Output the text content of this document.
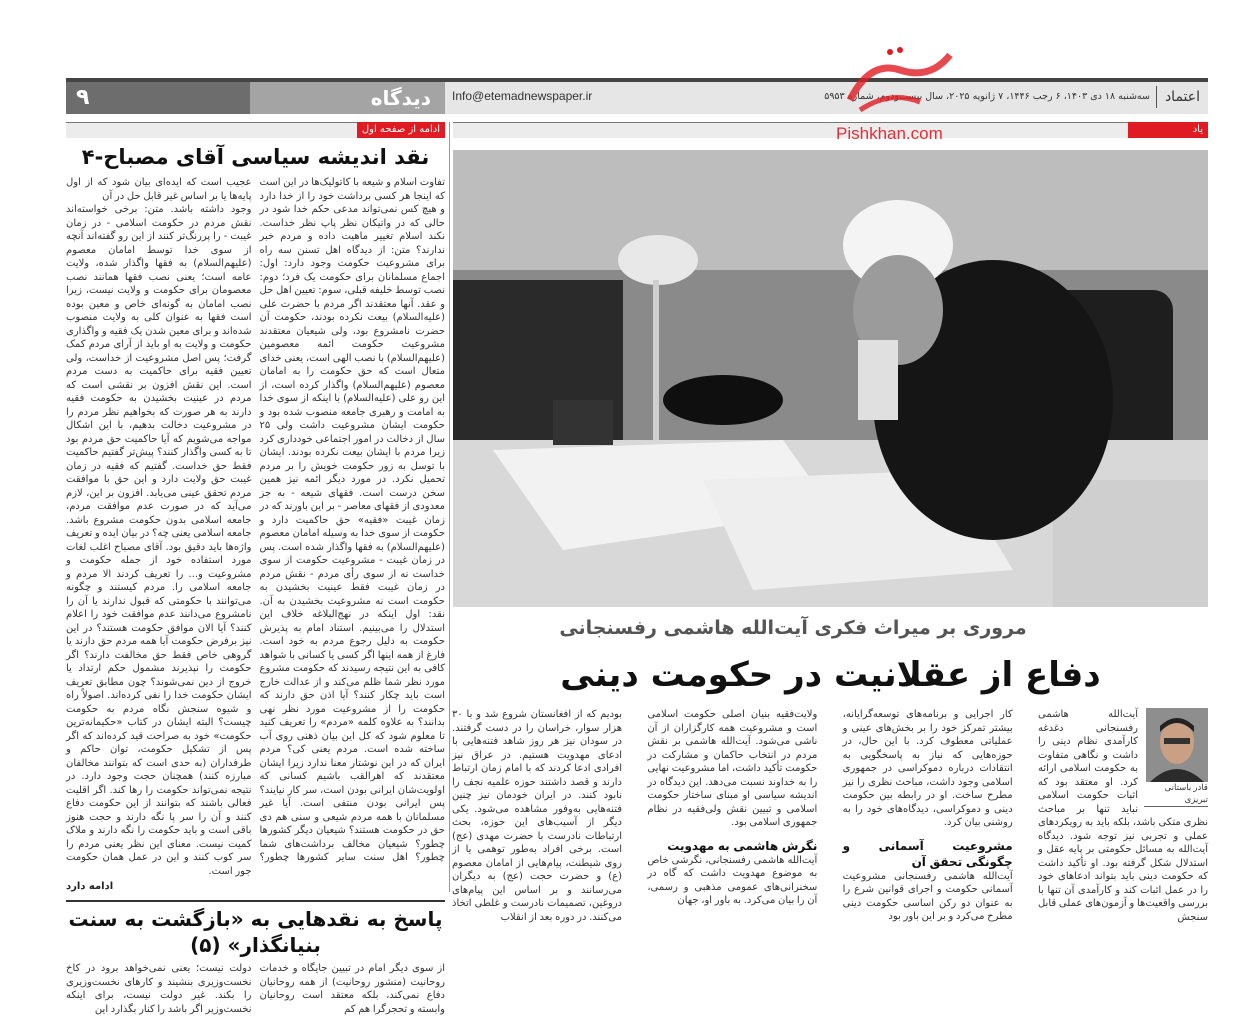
۹	دیدگاه	Info@etemadnewspaper.ir	سه‌شنبه ۱۸ دی ۱۴۰۳، ۶ رجب ۱۴۴۶، ۷ ژانویه ۲۰۲۵، سال بیست‌ودوم، شماره ۵۹۵۳	اعتماد
ادامه از صفحه اول	یاد
نقد اندیشه سیاسی آقای مصباح-۴
تفاوت اسلام و شیعه با کاتولیک‌ها در این است که اینجا هر کسی برداشت خود را از خدا دارد و هیچ کس نمی‌تواند مدعی حکم خدا شود در حالی که در واتیکان نظر پاپ نظر خداست. نکند اسلام تغییر ماهیت داده و مردم خبر ندارند؟ متن: از دیدگاه اهل تسنن سه راه برای مشروعیت حکومت وجود دارد: اول: اجماع مسلمانان برای حکومت یک فرد؛ دوم: نصب توسط خلیفه قبلی، سوم: تعیین اهل حل و عقد. آنها معتقدند اگر مردم با حضرت علی (علیه‌السلام) بیعت نکرده بودند، حکومت آن حضرت نامشروع بود، ولی شیعیان معتقدند مشروعیت حکومت ائمه معصومین (علیهم‌السلام) با نصب الهی است، یعنی خدای متعال است که حق حکومت را به امامان معصوم (علیهم‌السلام) واگذار کرده است، از این رو علی (علیه‌السلام) با اینکه از سوی خدا به امامت و رهبری جامعه منصوب شده بود و حکومت ایشان مشروعیت داشت ولی ۲۵ سال از دخالت در امور اجتماعی خودداری کرد زیرا مردم با ایشان بیعت نکرده بودند. ایشان با توسل به زور حکومت خویش را بر مردم تحمیل نکرد. در مورد دیگر ائمه نیز همین سخن درست است. فقهای شیعه - به جز معدودی از فقهای معاصر - بر این باورند که در زمان غیبت «فقیه» حق حاکمیت دارد و حکومت از سوی خدا به وسیله امامان معصوم (علیهم‌السلام) به فقها واگذار شده است. پس در زمان غیبت - مشروعیت حکومت از سوی خداست نه از سوی رأی مردم - نقش مردم در زمان غیبت فقط عینیت بخشیدن به حکومت است نه مشروعیت بخشیدن به آن. نقد: اول اینکه در نهج‌البلاغه خلاف این استدلال را می‌بینیم. استناد امام به پذیرش حکومت به دلیل رجوع مردم به خود است. فارغ از همه اینها اگر کسی یا کسانی با شواهد کافی به این نتیجه رسیدند که حکومت مشروع مورد نظر شما ظلم می‌کند و از عدالت خارج است باید چکار کنند؟ آیا اذن حق دارند که حکومت را از مشروعیت مورد نظر نهی بدانند؟ به علاوه کلمه «مردم» را تعریف کنید تا معلوم شود که کل این بیان ذهنی روی آب ساخته شده است. مردم یعنی کی؟ مردم ایران که در این نوشتار معنا ندارد زیرا ایشان معتقدند که اهرالقب باشیم کسانی که اولویت‌شان ایرانی بودن است، سر کار نیایند؟ پس ایرانی بودن منتفی است. آیا غیر مسلمانان با همه مردم شیعی و سنی هم دی حق در حکومت هستند؟ شیعیان دیگر کشورها چطور؟ شیعیان مخالف برداشت‌های شما چطور؟ اهل سنت سایر کشورها چطور؟ عجیب است که ایده‌ای بیان شود که از اول پایه‌ها یا بر اساس غیر قابل حل در آن
وجود داشته باشد. متن: برخی خواسته‌اند نقش مردم در حکومت اسلامی - در زمان غیبت - را پررنگ‌تر کنند از این رو گفته‌اند آنچه از سوی خدا توسط امامان معصوم (علیهم‌السلام) به فقها واگذار شده، ولایت عامه است؛ یعنی نصب فقها همانند نصب معصومان برای حکومت و ولایت نیست، زیرا نصب امامان به گونه‌ای خاص و معین بوده است فقها به عنوان کلی به ولایت منصوب شده‌اند و برای معین شدن یک فقیه و واگذاری حکومت و ولایت به او باید از آرای مردم کمک گرفت؛ پس اصل مشروعیت از خداست، ولی تعیین فقیه برای حاکمیت به دست مردم است. این نقش افزون بر نقشی است که مردم در عینیت بخشیدن به حکومت فقیه دارند به هر صورت که بخواهیم نظر مردم را در مشروعیت دخالت بدهیم، با این اشکال مواجه می‌شویم که آیا حاکمیت حق مردم بود تا به کسی واگذار کنند؟ پیش‌تر گفتیم حاکمیت فقط حق خداست. گفتیم که فقیه در زمان غیبت حق ولایت دارد و این حق با موافقت مردم تحقق عینی می‌یابد. افزون بر این، لازم می‌آید که در صورت عدم موافقت مردم، جامعه اسلامی بدون حکومت مشروع باشد. جامعه اسلامی یعنی چه؟ در بیان ایده و تعریف واژه‌ها باید دقیق بود. آقای مصباح اغلب لغات مورد استفاده خود از جمله حکومت و مشروعیت و... را تعریف کردند الا مردم و جامعه اسلامی را. مردم کیستند و چگونه می‌توانند با حکومتی که قبول ندارند یا آن را نامشروع می‌دانند عدم موافقت خود را اعلام کنند؟ آیا الان موافق حکومت هستند؟ در این نیز برفرض حکومت آیا همه مردم حق دارند یا گروهی خاص فقط حق مخالفت دارند؟ اگر حکومت را نپذیرند مشمول حکم ارتداد یا خروج از دین نمی‌شوند؟ چون مطابق تعریف ایشان حکومت خدا را نفی کرده‌اند. اصولاً راه و شیوه سنجش نگاه مردم به حکومت چیست؟ البته ایشان در کتاب «حکیمانه‌ترین حکومت» خود به صراحت قید کرده‌اند که اگر پس از تشکیل حکومت، توان حاکم و طرفداران (به حدی است که بتوانند مخالفان مبارزه کنند) همچنان حجت وجود دارد. در نتیجه نمی‌تواند حکومت را رها کند. اگر اقلیت فعالی باشند که بتوانند از این حکومت دفاع کنند و آن را سر پا نگه دارند و حجت هنوز باقی است و باید حکومت را نگه دارند و ملاک کمیت نیست. معنای این نظر یعنی مردم را سر کوب کنند و این در عمل همان حکومت جور است.
ادامه دارد
پاسخ به نقدهایی به «بازگشت به سنت بنیانگذار» (۵)
از سوی دیگر امام در تبیین جایگاه و خدمات روحانیت (منشور روحانیت) از همه روحانیان دفاع نمی‌کند، بلکه معتقد است روحانیان وابسته و تحجرگرا هم کم
دولت نیست؛ یعنی نمی‌خواهد برود در کاخ نخست‌وزیری بنشیند و کارهای نخست‌وزیری را بکند. غیر دولت نیست، برای اینکه نخست‌وزیر اگر باشد را کنار بگذارد این
Pishkhan.com
مروری بر میراث فکری آیت‌الله هاشمی رفسنجانی
دفاع از عقلانیت در حکومت دینی
قادر باستانی تبریزی
آیت‌الله هاشمی رفسنجانی دغدغه کارآمدی نظام دینی را داشت و نگاهی متفاوت به حکومت اسلامی ارائه کرد. او معتقد بود که اثبات حکومت اسلامی نباید تنها بر مباحث نظری متکی باشد، بلکه باید به رویکردهای عملی و تجربی نیز توجه شود. دیدگاه آیت‌الله به مسائل حکومتی بر پایه عقل و استدلال شکل گرفته بود. او تأکید داشت که حکومت دینی باید بتواند ادعاهای خود را در عمل اثبات کند و کارآمدی آن تنها با بررسی واقعیت‌ها و آزمون‌های عملی قابل سنجش
کار اجرایی و برنامه‌های توسعه‌گرایانه، بیشتر تمرکز خود را بر بخش‌های عینی و عملیاتی معطوف کرد. با این حال، در حوزه‌هایی که نیاز به پاسخگویی به انتقادات درباره دموکراسی در جمهوری اسلامی وجود داشت، مباحث نظری را نیز مطرح ساخت. او در رابطه بین حکومت دینی و دموکراسی، دیدگاه‌های خود را به روشنی بیان کرد.
مشروعیت آسمانی و چگونگی تحقق آن
آیت‌الله هاشمی رفسنجانی مشروعیت آسمانی حکومت و اجرای قوانین شرع را به عنوان دو رکن اساسی حکومت دینی مطرح می‌کرد و بر این باور بود
ولایت‌فقیه بنیان اصلی حکومت اسلامی است و مشروعیت همه کارگزاران از آن ناشی می‌شود. آیت‌الله هاشمی بر نقش مردم در انتخاب حاکمان و مشارکت در حکومت تأکید داشت، اما مشروعیت نهایی را به خداوند نسبت می‌دهد. این دیدگاه در اندیشه سیاسی او مبنای ساختار حکومت اسلامی و تبیین نقش ولی‌فقیه در نظام جمهوری اسلامی بود.
نگرش هاشمی به مهدویت
آیت‌الله هاشمی رفسنجانی، نگرشی خاص به موضوع مهدویت داشت که گاه در سخنرانی‌های عمومی مذهبی و رسمی، آن را بیان می‌کرد. به باور او، جهان
بودیم که از افغانستان شروع شد و با ۳۰ هزار سوار، خراسان را در دست گرفتند. در سودان نیز هر روز شاهد فتنه‌هایی با ادعای مهدویت هستیم. در عراق نیز افرادی ادعا کردند که با امام زمان ارتباط دارند و قصد داشتند حوزه علمیه نجف را نابود کنند. در ایران خودمان نیز چنین فتنه‌هایی به‌وفور مشاهده می‌شود. یکی دیگر از آسیب‌های این حوزه، بحث ارتباطات نادرست با حضرت مهدی (عج) است. برخی افراد به‌طور توهمی یا از روی شیطنت، پیام‌هایی از امامان معصوم (ع) و حضرت حجت (عج) به دیگران می‌رسانند و بر اساس این پیام‌های دروغین، تصمیمات نادرست و غلطی اتخاذ می‌کنند. در دوره بعد از انقلاب
